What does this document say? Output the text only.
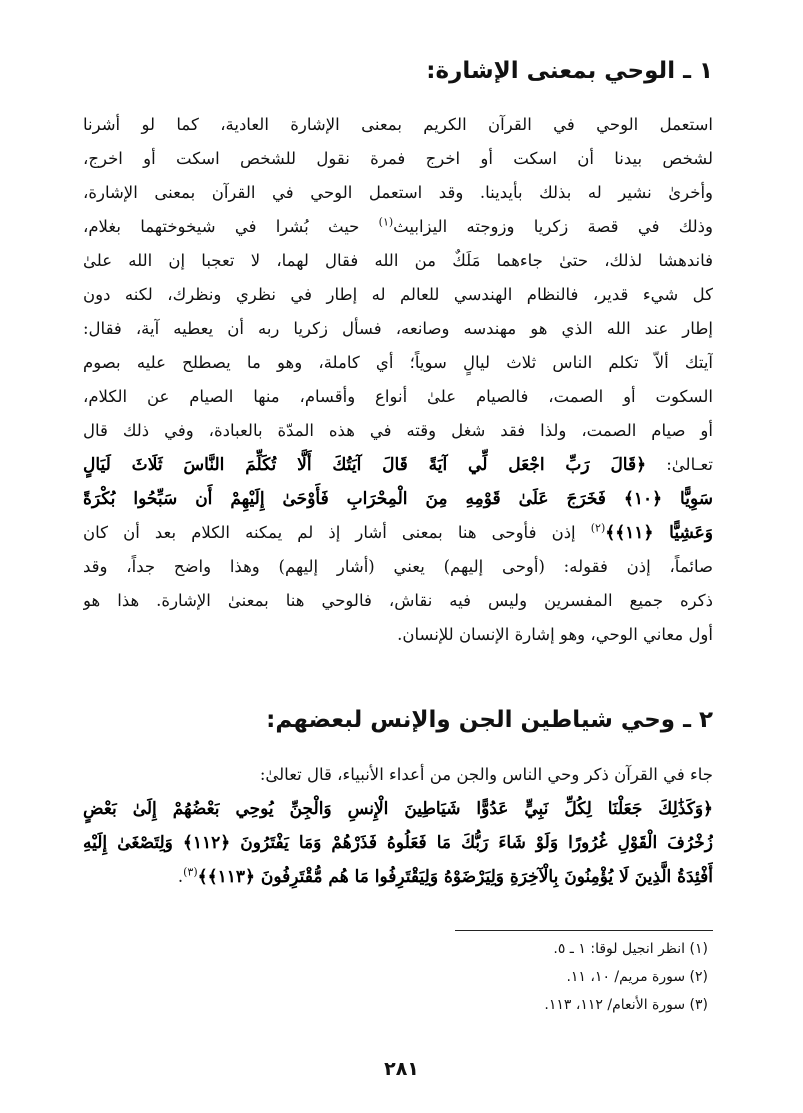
١ ـ الوحي بمعنى الإشارة:
استعمل الوحي في القرآن الكريم بمعنى الإشارة العادية، كما لو أشرنا
لشخص بيدنا أن اسكت أو اخرج فمرة نقول للشخص اسكت أو اخرج،
وأخرىٰ نشير له بذلك بأيدينا. وقد استعمل الوحي في القرآن بمعنى الإشارة،
وذلك في قصة زكريا وزوجته اليزابيث$^{(١)}$ حيث بُشرا في شيخوختهما بغلام،
فاندهشا لذلك، حتىٰ جاءهما مَلَكٌ من الله فقال لهما، لا تعجبا إن الله علىٰ
كل شيء قدير، فالنظام الهندسي للعالم له إطار في نظري ونظرك، لكنه دون
إطار عند الله الذي هو مهندسه وصانعه، فسأل زكريا ربه أن يعطيه آية، فقال:
آيتك ألاّ تكلم الناس ثلاث ليالٍ سوياً؛ أي كاملة، وهو ما يصطلح عليه بصوم
السكوت أو الصمت، فالصيام علىٰ أنواع وأقسام، منها الصيام عن الكلام،
أو صيام الصمت، ولذا فقد شغل وقته في هذه المدّة بالعبادة، وفي ذلك قال
تعـالىٰ: ﴿قَالَ رَبِّ اجْعَل لِّي آيَةً قَالَ آيَتُكَ أَلَّا تُكَلِّمَ النَّاسَ ثَلَاثَ لَيَالٍ
سَوِيًّا ﴿١٠﴾ فَخَرَجَ عَلَىٰ قَوْمِهِ مِنَ الْمِحْرَابِ فَأَوْحَىٰ إِلَيْهِمْ أَن سَبِّحُوا بُكْرَةً
وَعَشِيًّا ﴿١١﴾﴾$^{(٢)}$ إذن فأوحى هنا بمعنى أشار إذ لم يمكنه الكلام بعد أن كان
صائماً، إذن فقوله: (أوحى إليهم) يعني (أشار إليهم) وهذا واضح جداً، وقد
ذكره جميع المفسرين وليس فيه نقاش، فالوحي هنا بمعنىٰ الإشارة. هذا هو
أول معاني الوحي، وهو إشارة الإنسان للإنسان.
٢ ـ وحي شياطين الجن والإنس لبعضهم:
جاء في القرآن ذكر وحي الناس والجن من أعداء الأنبياء، قال تعالىٰ:
﴿وَكَذَٰلِكَ جَعَلْنَا لِكُلِّ نَبِيٍّ عَدُوًّا شَيَاطِينَ الْإِنسِ وَالْجِنِّ يُوحِي بَعْضُهُمْ إِلَىٰ بَعْضٍ
زُخْرُفَ الْقَوْلِ غُرُورًا وَلَوْ شَاءَ رَبُّكَ مَا فَعَلُوهُ فَذَرْهُمْ وَمَا يَفْتَرُونَ ﴿١١٢﴾ وَلِتَصْغَىٰ إِلَيْهِ
أَفْئِدَةُ الَّذِينَ لَا يُؤْمِنُونَ بِالْآخِرَةِ وَلِيَرْضَوْهُ وَلِيَقْتَرِفُوا مَا هُم مُّقْتَرِفُونَ ﴿١١٣﴾﴾$^{(٣)}$.
(١) انظر انجيل لوقا: ١ ـ ٥.
(٢) سورة مريم/ ١٠، ١١.
(٣) سورة الأنعام/ ١١٢، ١١٣.
٢٨١
